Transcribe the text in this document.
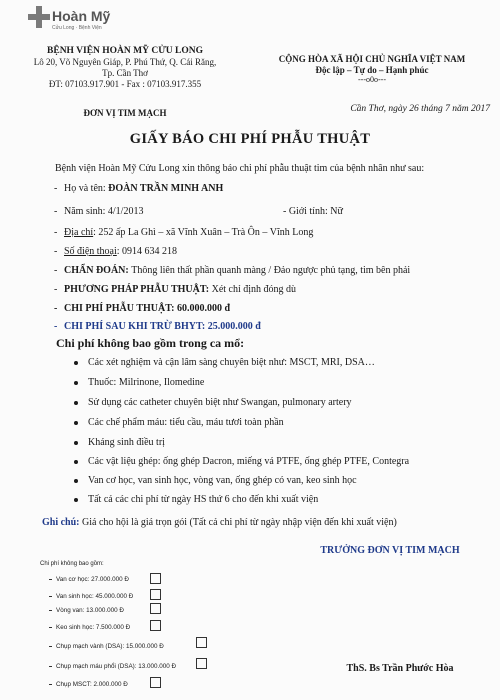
Hoàn Mỹ
Cửu Long · Bệnh Viện
BỆNH VIỆN HOÀN MỸ CỬU LONG
Lô 20, Võ Nguyên Giáp, P. Phú Thứ, Q. Cái Răng,
Tp. Cần Thơ
ĐT: 07103.917.901 - Fax : 07103.917.355
ĐƠN VỊ TIM MẠCH
CỘNG HÒA XÃ HỘI CHỦ NGHĨA VIỆT NAM
Độc lập – Tự do – Hạnh phúc
---o0o---
Cần Thơ, ngày 26 tháng 7 năm 2017
GIẤY BÁO CHI PHÍ PHẪU THUẬT
Bệnh viện Hoàn Mỹ Cửu Long xin thông báo chi phí phẫu thuật tim của bệnh nhân như sau:
- Họ và tên: ĐOÀN TRẦN MINH ANH
- Năm sinh: 4/1/2013	- Giới tính: Nữ
- Địa chỉ: 252 ấp La Ghì – xã Vĩnh Xuân – Trà Ôn – Vĩnh Long
- Số điện thoại: 0914 634 218
- CHẨN ĐOÁN: Thông liên thất phần quanh màng / Đảo ngược phủ tạng, tim bên phải
- PHƯƠNG PHÁP PHẪU THUẬT: Xét chỉ định đóng dù
- CHI PHÍ PHẪU THUẬT: 60.000.000 đ
- CHI PHÍ SAU KHI TRỪ BHYT: 25.000.000 đ
Chi phí không bao gồm trong ca mổ:
Các xét nghiệm và cận lâm sàng chuyên biệt như: MSCT, MRI, DSA…
Thuốc: Milrinone, Ilomedine
Sử dụng các catheter chuyên biệt như Swangan, pulmonary artery
Các chế phẩm máu: tiểu cầu, máu tươi toàn phần
Kháng sinh điều trị
Các vật liệu ghép: ống ghép Dacron, miếng vá PTFE, ống ghép PTFE, Contegra
Van cơ học, van sinh học, vòng van, ống ghép có van, keo sinh học
Ghi chú: Giá cho hội là giá trọn gói (Tất cả chi phí từ ngày nhập viện đến khi xuất viện)
TRƯỞNG ĐƠN VỊ TIM MẠCH
ThS. Bs Trần Phước Hòa
Chi phí không bao gồm:
Van cơ học: 27.000.000 Đ
Van sinh học: 45.000.000 Đ
Vòng van: 13.000.000 Đ
Keo sinh học: 7.500.000 Đ
Chụp mạch vành (DSA): 15.000.000 Đ
Chụp mạch máu phổi (DSA): 13.000.000 Đ
Chụp MSCT: 2.000.000 Đ
Tất cả các chi phí từ ngày HS thứ 6 cho đến khi xuất viện
